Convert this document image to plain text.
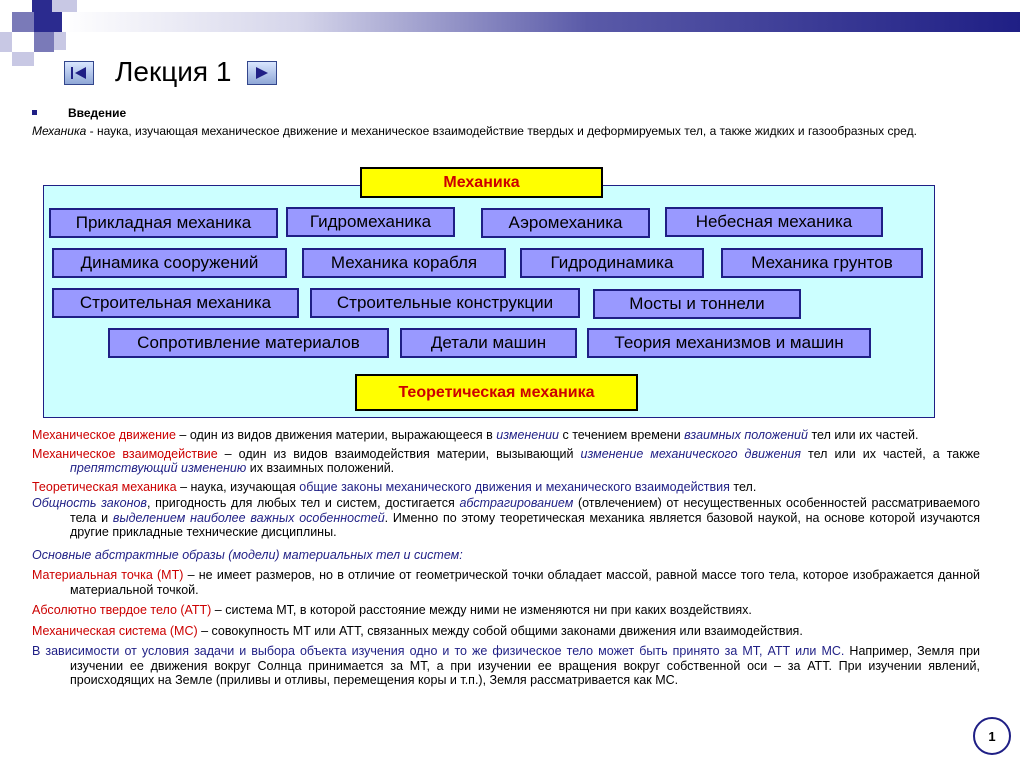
Лекция 1
Введение
Механика - наука, изучающая механическое движение и механическое взаимодействие твердых и деформируемых тел, а также жидких и газообразных сред.
Механика
Прикладная механика	Гидромеханика	Аэромеханика	Небесная механика
Динамика сооружений	Механика корабля	Гидродинамика	Механика грунтов
Строительная механика	Строительные конструкции	Мосты и тоннели
Сопротивление материалов	Детали машин	Теория механизмов и машин
Теоретическая механика

Механическое движение – один из видов движения материи, выражающееся в изменении с течением времени взаимных положений тел или их частей.

Механическое взаимодействие – один из видов взаимодействия материи, вызывающий изменение механического движения тел или их частей, а также препятствующий изменению их взаимных положений.

Теоретическая механика – наука, изучающая общие законы механического движения и механического взаимодействия тел.

Общность законов, пригодность для любых тел и систем, достигается абстрагированием (отвлечением) от несущественных особенностей рассматриваемого тела и выделением наиболее важных особенностей. Именно по этому теоретическая механика является базовой наукой, на основе которой изучаются другие прикладные технические дисциплины.

Основные абстрактные образы (модели) материальных тел и систем:

Материальная точка (МТ) – не имеет размеров, но в отличие от геометрической точки обладает массой, равной массе того тела, которое изображается данной материальной точкой.

Абсолютно твердое тело (АТТ) – система МТ, в которой расстояние между ними не изменяются ни при каких воздействиях.

Механическая система (МС) – совокупность МТ или АТТ, связанных между собой общими законами движения или взаимодействия.

В зависимости от условия задачи и выбора объекта изучения одно и то же физическое тело может быть принято за МТ, АТТ или МС. Например, Земля при изучении ее движения вокруг Солнца принимается за МТ, а при изучении ее вращения вокруг собственной оси – за АТТ. При изучении явлений, происходящих на Земле (приливы и отливы, перемещения коры и т.п.), Земля рассматривается как МС.

1
